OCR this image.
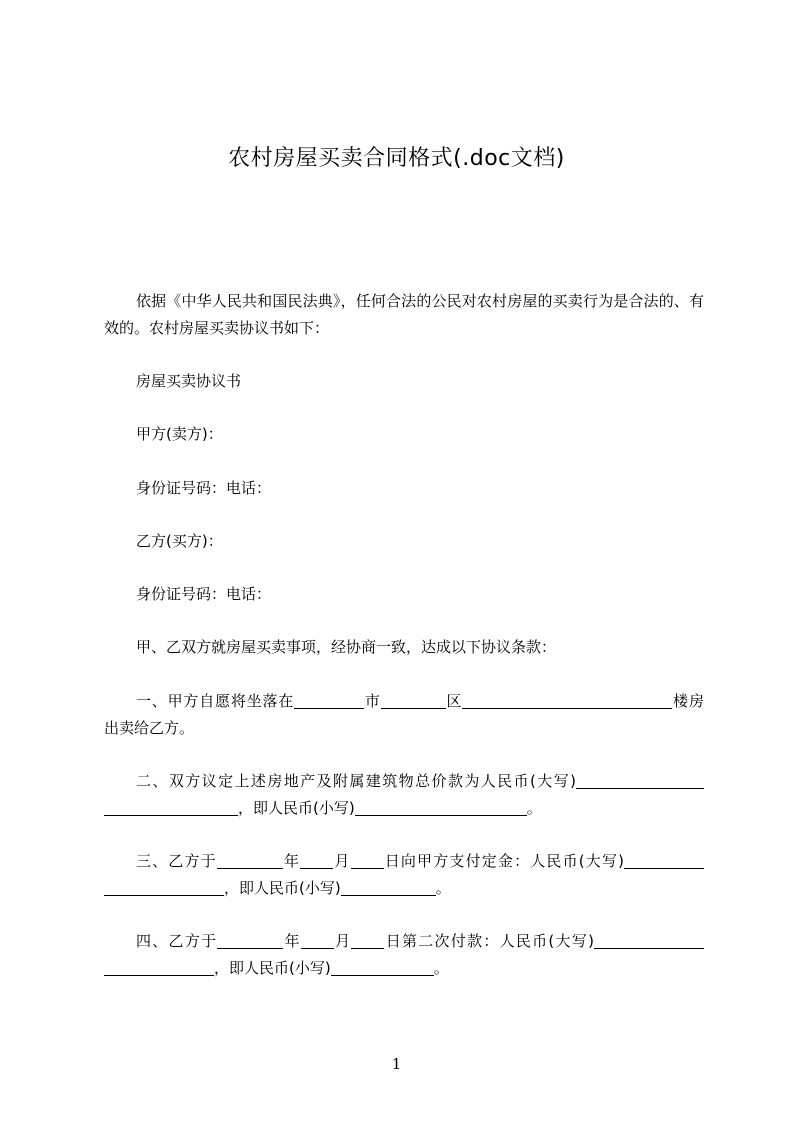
农村房屋买卖合同格式(.doc文档)
依据《中华人民共和国民法典》，任何合法的公民对农村房屋的买卖行为是合法的、有效的。农村房屋买卖协议书如下：
房屋买卖协议书
甲方(卖方)：
身份证号码：电话：
乙方(买方)：
身份证号码：电话：
甲、乙双方就房屋买卖事项，经协商一致，达成以下协议条款：
一、甲方自愿将坐落在	市	区	楼房出卖给乙方。
二、双方议定上述房地产及附属建筑物总价款为人民币(大写)，即人民币(小写)	。
三、乙方于	年 月 日向甲方支付定金：人民币(大写)，即人民币(小写)	。
四、乙方于	年 月 日第二次付款：人民币(大写)，即人民币(小写)	。
1
